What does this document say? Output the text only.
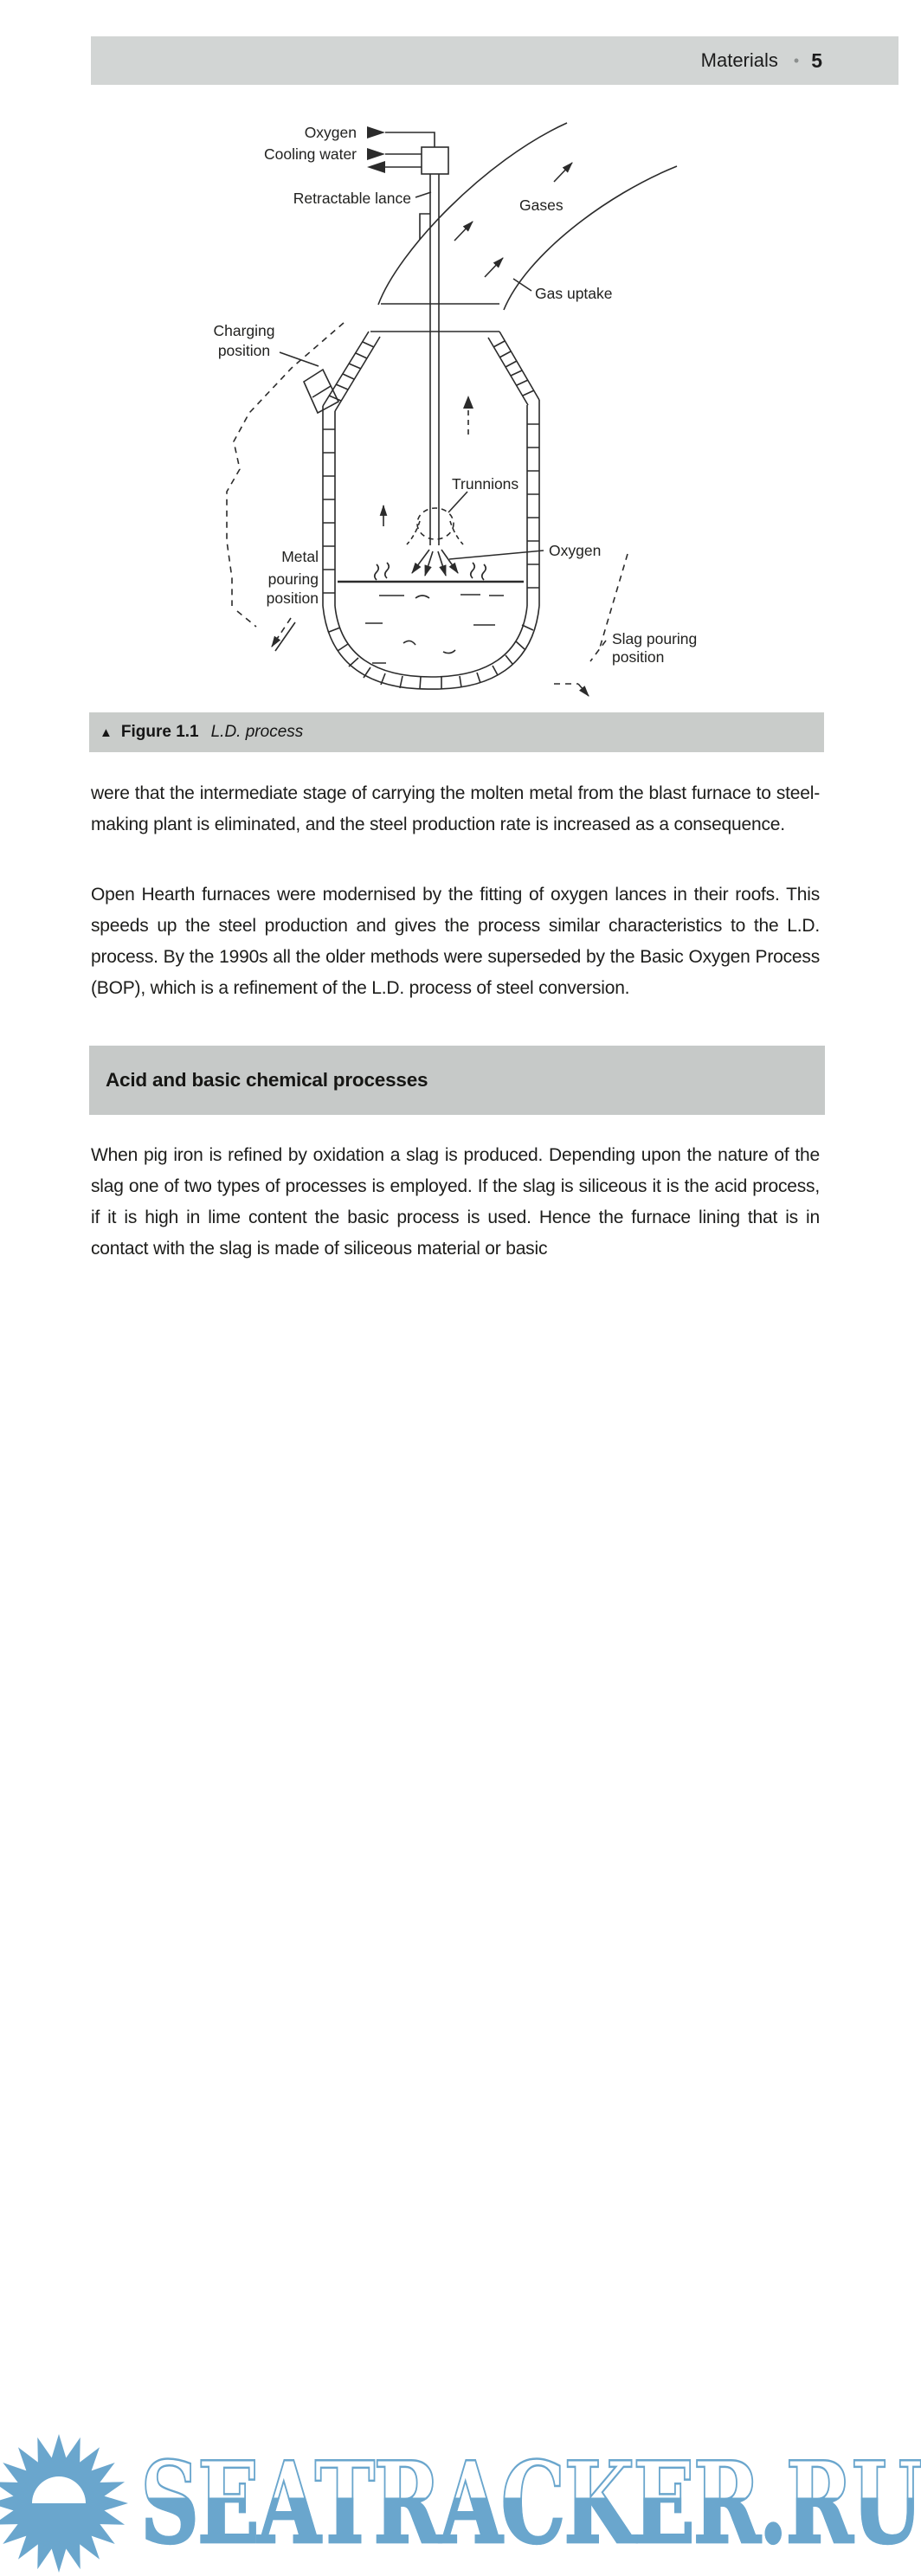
Materials • 5
Oxygen
Cooling water
Retractable lance	Gases
Gas uptake
Charging
position
Trunnions
Oxygen
Metal
pouring
position
Slag pouring
position
▲ Figure 1.1 L.D. process
SEATRACKER.RU

were that the intermediate stage of carrying the molten metal from the blast furnace to steel-making plant is eliminated, and the steel production rate is increased as a consequence.

Open Hearth furnaces were modernised by the fitting of oxygen lances in their roofs. This speeds up the steel production and gives the process similar characteristics to the L.D. process. By the 1990s all the older methods were superseded by the Basic Oxygen Process (BOP), which is a refinement of the L.D. process of steel conversion.

Acid and basic chemical processes

When pig iron is refined by oxidation a slag is produced. Depending upon the nature of the slag one of two types of processes is employed. If the slag is siliceous it is the acid process, if it is high in lime content the basic process is used. Hence the furnace lining that is in contact with the slag is made of siliceous material or basic
